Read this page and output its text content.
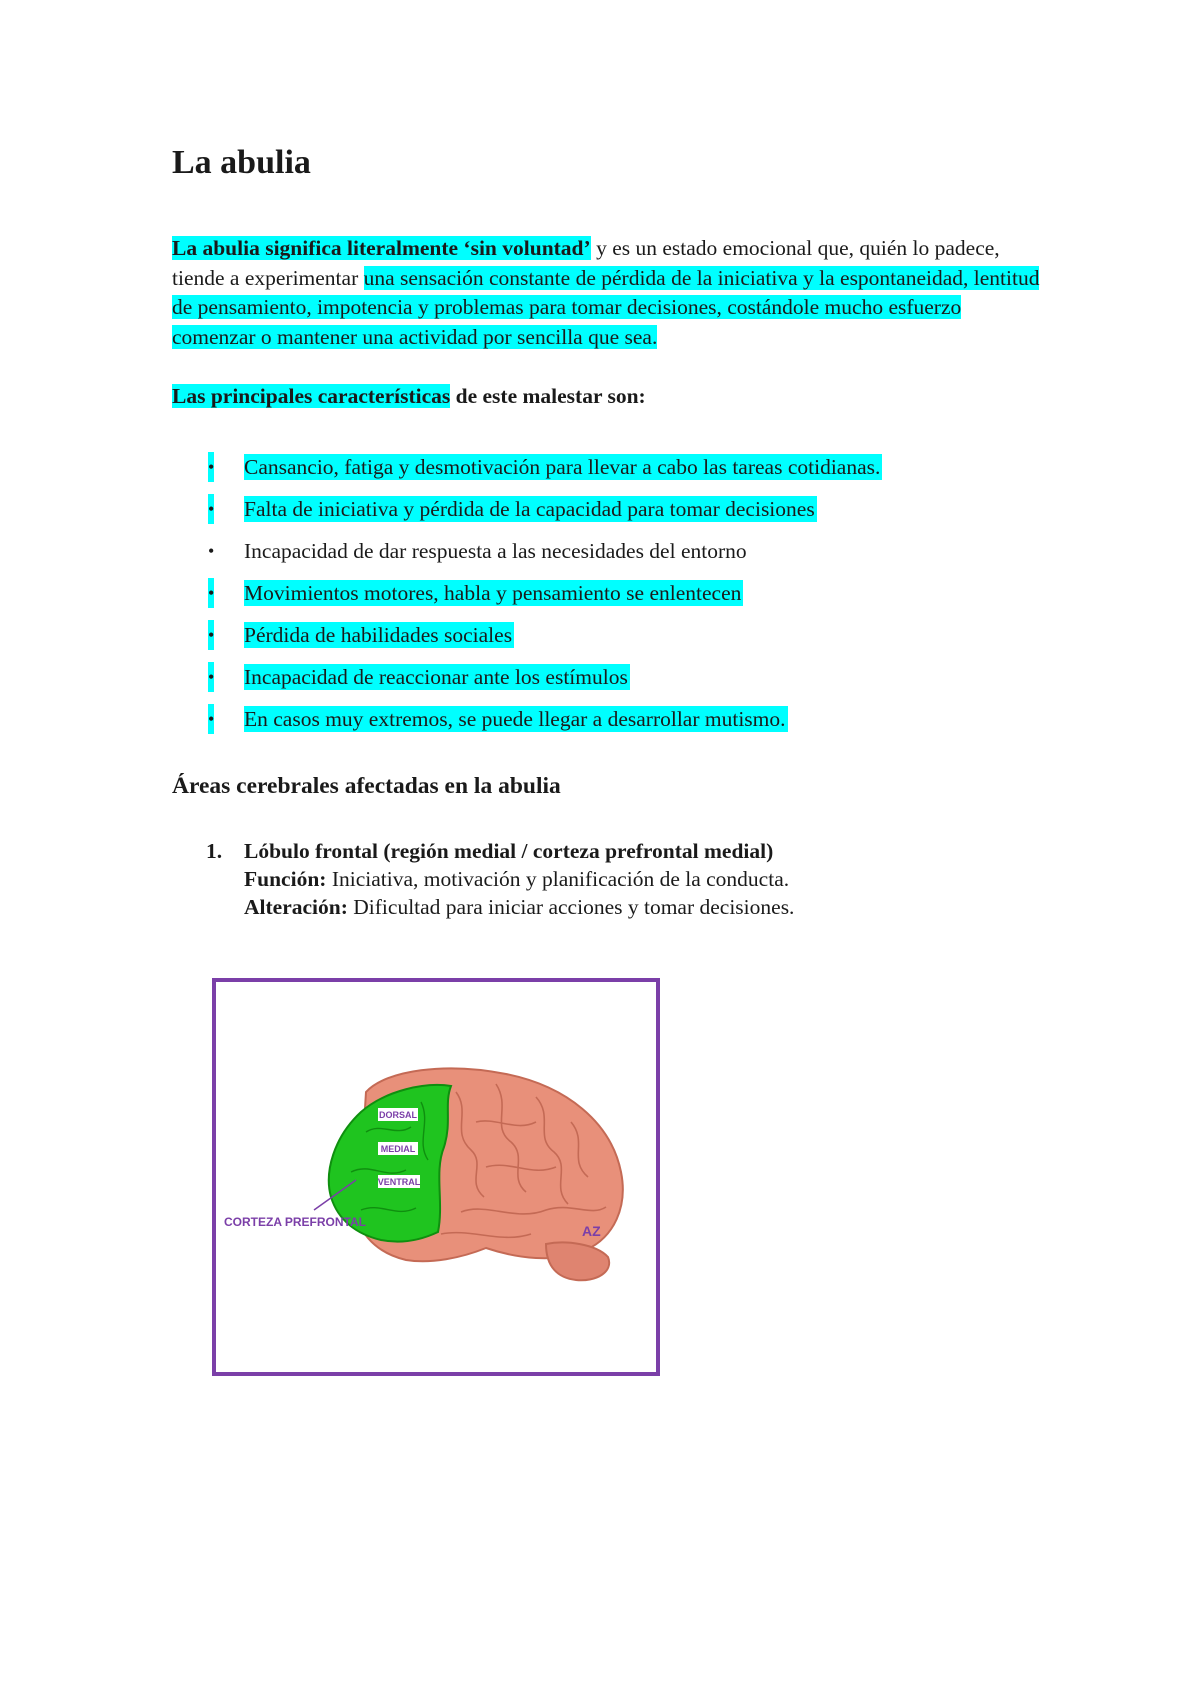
La abulia

La abulia significa literalmente ‘sin voluntad’ y es un estado emocional que, quién lo padece, tiende a experimentar una sensación constante de pérdida de la iniciativa y la espontaneidad, lentitud de pensamiento, impotencia y problemas para tomar decisiones, costándole mucho esfuerzo comenzar o mantener una actividad por sencilla que sea.

Las principales características de este malestar son:

• Cansancio, fatiga y desmotivación para llevar a cabo las tareas cotidianas.
• Falta de iniciativa y pérdida de la capacidad para tomar decisiones
• Incapacidad de dar respuesta a las necesidades del entorno
• Movimientos motores, habla y pensamiento se enlentecen
• Pérdida de habilidades sociales
• Incapacidad de reaccionar ante los estímulos
• En casos muy extremos, se puede llegar a desarrollar mutismo.
Áreas cerebrales afectadas en la abulia
1. Lóbulo frontal (región medial / corteza prefrontal medial)
Función: Iniciativa, motivación y planificación de la conducta.
Alteración: Dificultad para iniciar acciones y tomar decisiones.
DORSAL
MEDIAL
VENTRAL
CORTEZA PREFRONTAL
AZ
